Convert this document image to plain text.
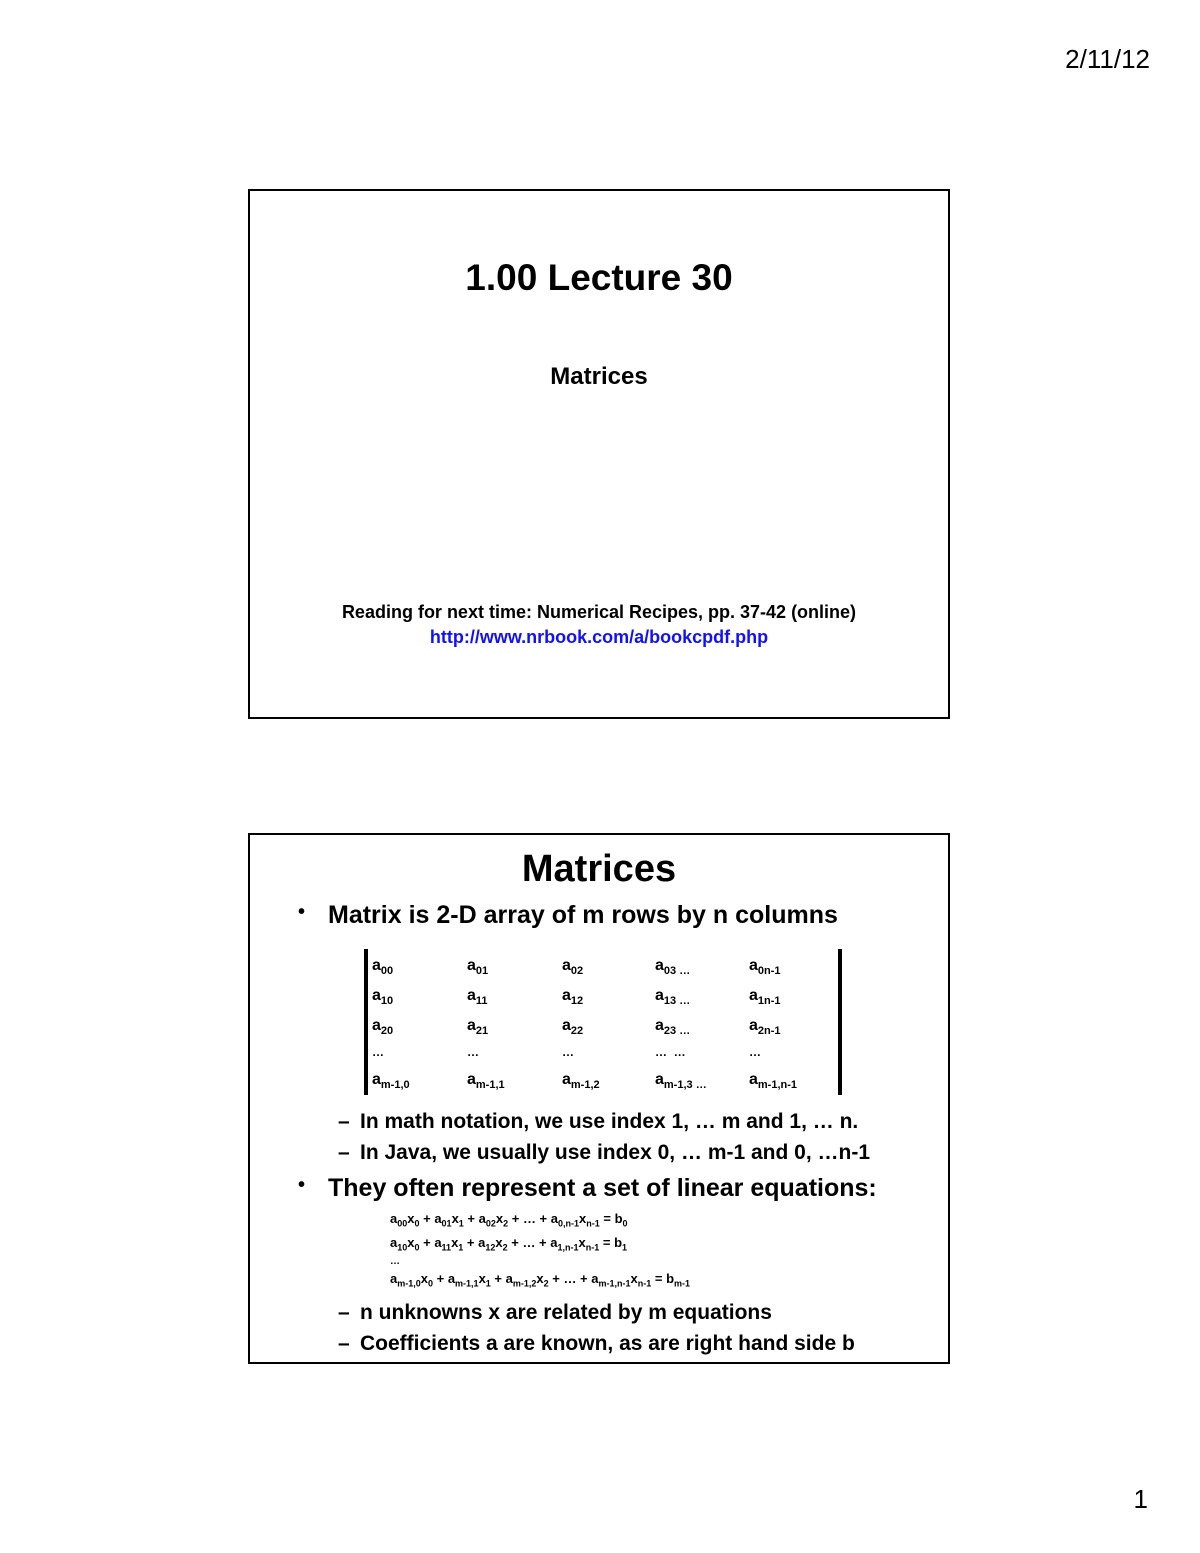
2/11/12
1.00 Lecture 30
Matrices
Reading for next time: Numerical Recipes, pp. 37-42 (online)
http://www.nrbook.com/a/bookcpdf.php
Matrices
• Matrix is 2-D array of m rows by n columns
$a_{00}$	$a_{01}$	$a_{02}$	$a_{03 \dots}$	$a_{0n-1}$
$a_{10}$	$a_{11}$	$a_{12}$	$a_{13 \dots}$	$a_{1n-1}$
$a_{20}$	$a_{21}$	$a_{22}$	$a_{23 \dots}$	$a_{2n-1}$
…	…	…	…  …	…
$a_{m-1,0}$	$a_{m-1,1}$	$a_{m-1,2}$	$a_{m-1,3 \dots}$	$a_{m-1,n-1}$
– In math notation, we use index 1, … m and 1, … n.
– In Java, we usually use index 0, … m-1 and 0, …n-1
• They often represent a set of linear equations:
$a_{00}x_0 + a_{01}x_1 + a_{02}x_2$ + … + $a_{0,n-1}x_{n-1} = b_0$
$a_{10}x_0 + a_{11}x_1 + a_{12}x_2$ + … + $a_{1,n-1}x_{n-1} = b_1$
…
$a_{m-1,0}x_0 + a_{m-1,1}x_1 + a_{m-1,2}x_2$ + … + $a_{m-1,n-1}x_{n-1} = b_{m-1}$
– n unknowns x are related by m equations
– Coefficients a are known, as are right hand side b
1
